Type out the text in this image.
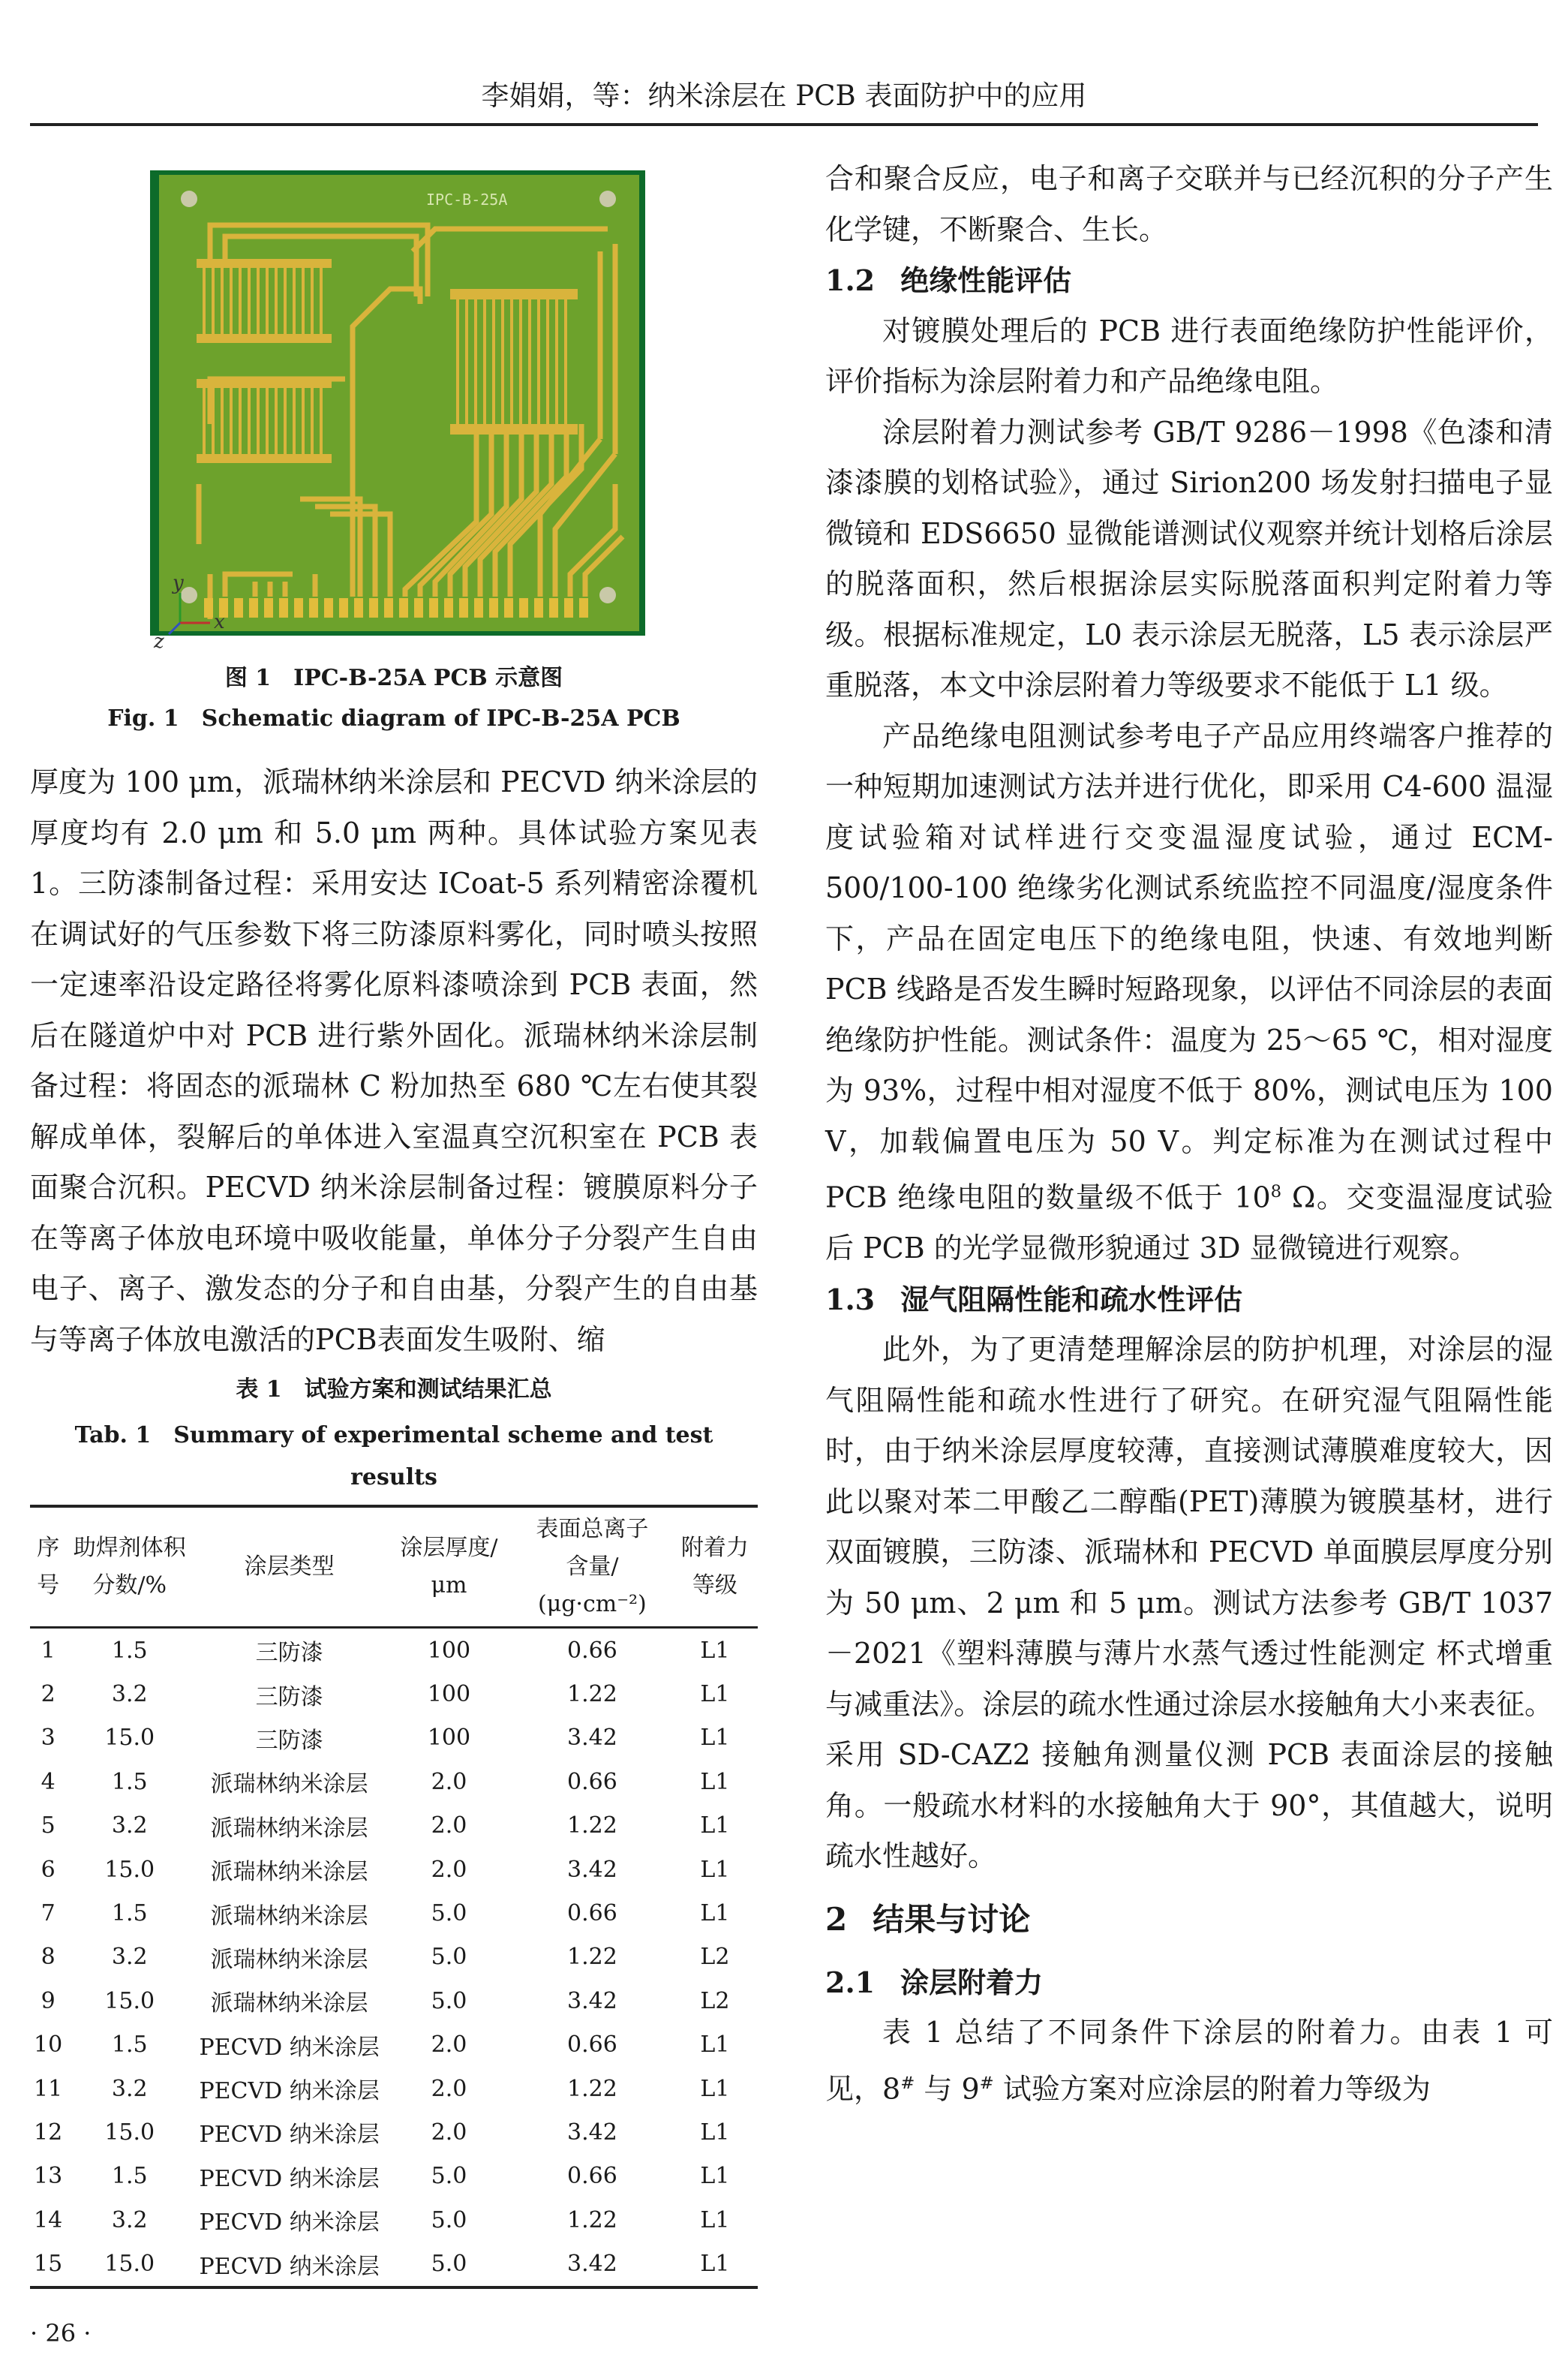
李娟娟，等：纳米涂层在 PCB 表面防护中的应用
IPC-B-25A
y
x
z
图 1　IPC-B-25A PCB 示意图
Fig. 1　Schematic diagram of IPC-B-25A PCB

厚度为 100 μm，派瑞林纳米涂层和 PECVD 纳米涂层的厚度均有 2.0 μm 和 5.0 μm 两种。具体试验方案见表 1。三防漆制备过程：采用安达 ICoat-5 系列精密涂覆机在调试好的气压参数下将三防漆原料雾化，同时喷头按照一定速率沿设定路径将雾化原料漆喷涂到 PCB 表面，然后在隧道炉中对 PCB 进行紫外固化。派瑞林纳米涂层制备过程：将固态的派瑞林 C 粉加热至 680 ℃左右使其裂解成单体，裂解后的单体进入室温真空沉积室在 PCB 表面聚合沉积。PECVD 纳米涂层制备过程：镀膜原料分子在等离子体放电环境中吸收能量，单体分子分裂产生自由电子、离子、激发态的分子和自由基，分裂产生的自由基与等离子体放电激活的PCB表面发生吸附、缩

表 1　试验方案和测试结果汇总
Tab. 1　Summary of experimental scheme and test results
序号	助焊剂体积分数/%	涂层类型	涂层厚度/μm	表面总离子
含量/
(μg·cm⁻²)	附着力等级
1	1.5	三防漆	100	0.66	L1
2	3.2	三防漆	100	1.22	L1
3	15.0	三防漆	100	3.42	L1
4	1.5	派瑞林纳米涂层	2.0	0.66	L1
5	3.2	派瑞林纳米涂层	2.0	1.22	L1
6	15.0	派瑞林纳米涂层	2.0	3.42	L1
7	1.5	派瑞林纳米涂层	5.0	0.66	L1
8	3.2	派瑞林纳米涂层	5.0	1.22	L2
9	15.0	派瑞林纳米涂层	5.0	3.42	L2
10	1.5	PECVD 纳米涂层	2.0	0.66	L1
11	3.2	PECVD 纳米涂层	2.0	1.22	L1
12	15.0	PECVD 纳米涂层	2.0	3.42	L1
13	1.5	PECVD 纳米涂层	5.0	0.66	L1
14	3.2	PECVD 纳米涂层	5.0	1.22	L1
15	15.0	PECVD 纳米涂层	5.0	3.42	L1

合和聚合反应，电子和离子交联并与已经沉积的分子产生化学键，不断聚合、生长。

1.2 绝缘性能评估

对镀膜处理后的 PCB 进行表面绝缘防护性能评价，评价指标为涂层附着力和产品绝缘电阻。

涂层附着力测试参考 GB/T 9286－1998《色漆和清漆漆膜的划格试验》，通过 Sirion200 场发射扫描电子显微镜和 EDS6650 显微能谱测试仪观察并统计划格后涂层的脱落面积，然后根据涂层实际脱落面积判定附着力等级。根据标准规定，L0 表示涂层无脱落，L5 表示涂层严重脱落，本文中涂层附着力等级要求不能低于 L1 级。

产品绝缘电阻测试参考电子产品应用终端客户推荐的一种短期加速测试方法并进行优化，即采用 C4-600 温湿度试验箱对试样进行交变温湿度试验，通过 ECM-500/100-100 绝缘劣化测试系统监控不同温度/湿度条件下，产品在固定电压下的绝缘电阻，快速、有效地判断 PCB 线路是否发生瞬时短路现象，以评估不同涂层的表面绝缘防护性能。测试条件：温度为 25～65 ℃，相对湿度为 93%，过程中相对湿度不低于 80%，测试电压为 100 V，加载偏置电压为 50 V。判定标准为在测试过程中 PCB 绝缘电阻的数量级不低于 $10^8$ Ω。交变温湿度试验后 PCB 的光学显微形貌通过 3D 显微镜进行观察。

1.3 湿气阻隔性能和疏水性评估

此外，为了更清楚理解涂层的防护机理，对涂层的湿气阻隔性能和疏水性进行了研究。在研究湿气阻隔性能时，由于纳米涂层厚度较薄，直接测试薄膜难度较大，因此以聚对苯二甲酸乙二醇酯(PET)薄膜为镀膜基材，进行双面镀膜，三防漆、派瑞林和 PECVD 单面膜层厚度分别为 50 μm、2 μm 和 5 μm。测试方法参考 GB/T 1037－2021《塑料薄膜与薄片水蒸气透过性能测定 杯式增重与减重法》。涂层的疏水性通过涂层水接触角大小来表征。采用 SD-CAZ2 接触角测量仪测 PCB 表面涂层的接触角。一般疏水材料的水接触角大于 90°，其值越大，说明疏水性越好。

2 结果与讨论
2.1 涂层附着力

表 1 总结了不同条件下涂层的附着力。由表 1 可见，8# 与 9# 试验方案对应涂层的附着力等级为

· 26 ·
